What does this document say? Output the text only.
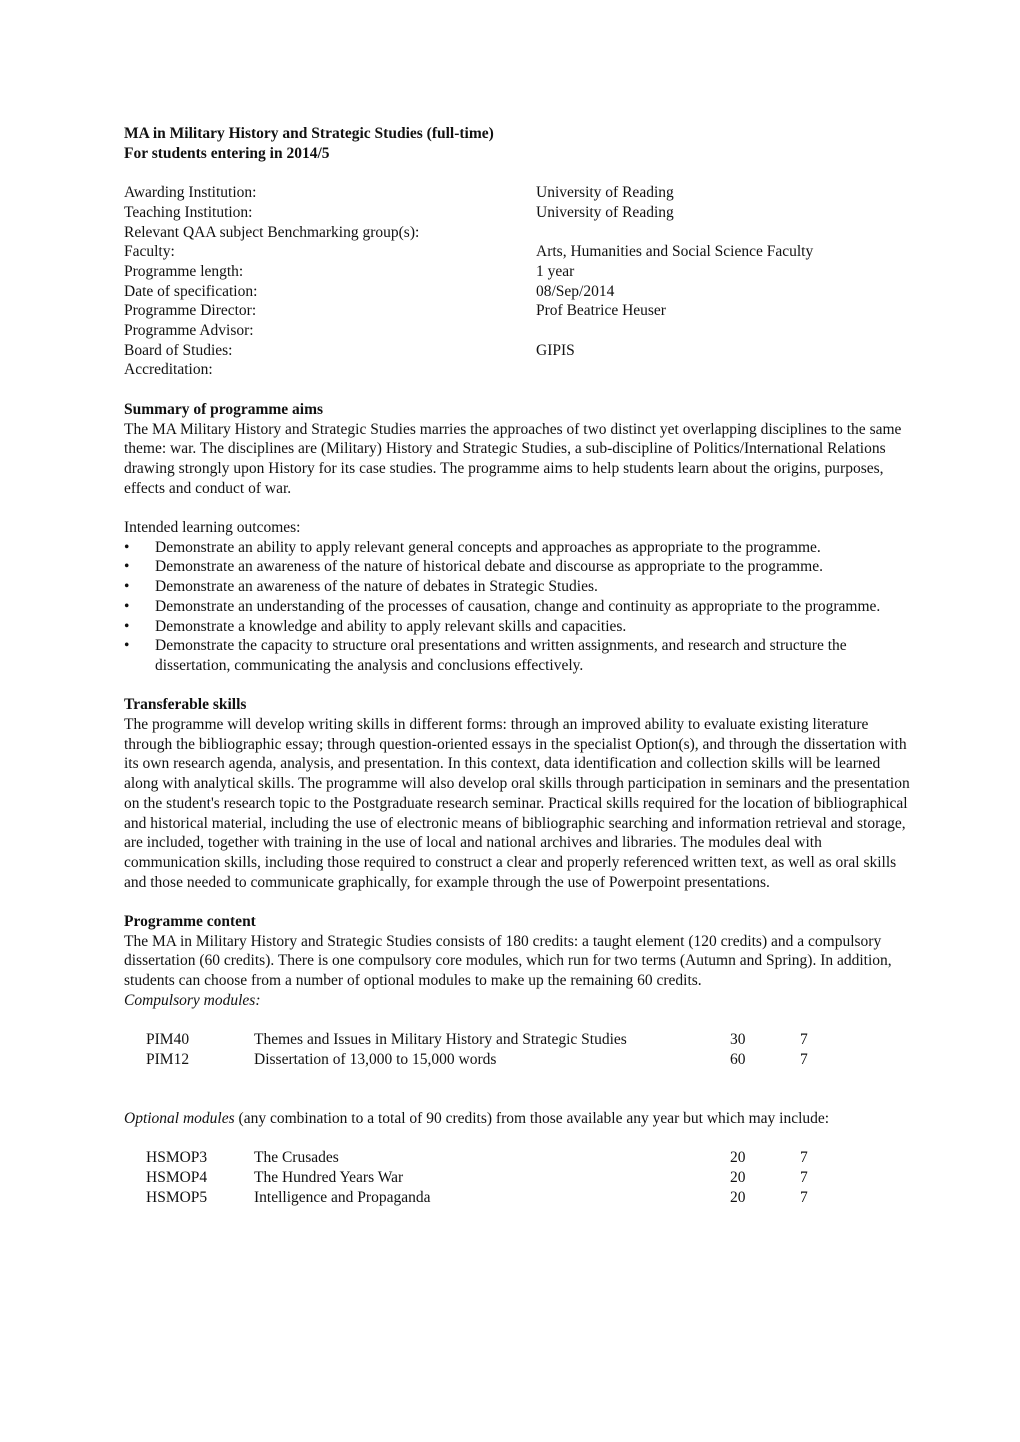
MA in Military History and Strategic Studies (full-time)

For students entering in 2014/5

Awarding Institution:	University of Reading
Teaching Institution:	University of Reading
Relevant QAA subject Benchmarking group(s):
Faculty:	Arts, Humanities and Social Science Faculty
Programme length:	1 year
Date of specification:	08/Sep/2014
Programme Director:	Prof Beatrice Heuser
Programme Advisor:
Board of Studies:	GIPIS
Accreditation:

Summary of programme aims

The MA Military History and Strategic Studies marries the approaches of two distinct yet overlapping disciplines to the same theme: war. The disciplines are (Military) History and Strategic Studies, a sub-discipline of Politics/International Relations drawing strongly upon History for its case studies. The programme aims to help students learn about the origins, purposes, effects and conduct of war.

Intended learning outcomes:

• Demonstrate an ability to apply relevant general concepts and approaches as appropriate to the programme.
• Demonstrate an awareness of the nature of historical debate and discourse as appropriate to the programme.
• Demonstrate an awareness of the nature of debates in Strategic Studies.
• Demonstrate an understanding of the processes of causation, change and continuity as appropriate to the programme.
• Demonstrate a knowledge and ability to apply relevant skills and capacities.
• Demonstrate the capacity to structure oral presentations and written assignments, and research and structure the dissertation, communicating the analysis and conclusions effectively.

Transferable skills

The programme will develop writing skills in different forms: through an improved ability to evaluate existing literature through the bibliographic essay; through question-oriented essays in the specialist Option(s), and through the dissertation with its own research agenda, analysis, and presentation. In this context, data identification and collection skills will be learned along with analytical skills. The programme will also develop oral skills through participation in seminars and the presentation on the student's research topic to the Postgraduate research seminar. Practical skills required for the location of bibliographical and historical material, including the use of electronic means of bibliographic searching and information retrieval and storage, are included, together with training in the use of local and national archives and libraries. The modules deal with communication skills, including those required to construct a clear and properly referenced written text, as well as oral skills and those needed to communicate graphically, for example through the use of Powerpoint presentations.

Programme content

The MA in Military History and Strategic Studies consists of 180 credits: a taught element (120 credits) and a compulsory dissertation (60 credits). There is one compulsory core modules, which run for two terms (Autumn and Spring). In addition, students can choose from a number of optional modules to make up the remaining 60 credits.

Compulsory modules:

PIM40	Themes and Issues in Military History and Strategic Studies	30	7
PIM12	Dissertation of 13,000 to 15,000 words	60	7

Optional modules (any combination to a total of 90 credits) from those available any year but which may include:

HSMOP3	The Crusades	20	7
HSMOP4	The Hundred Years War	20	7
HSMOP5	Intelligence and Propaganda	20	7
